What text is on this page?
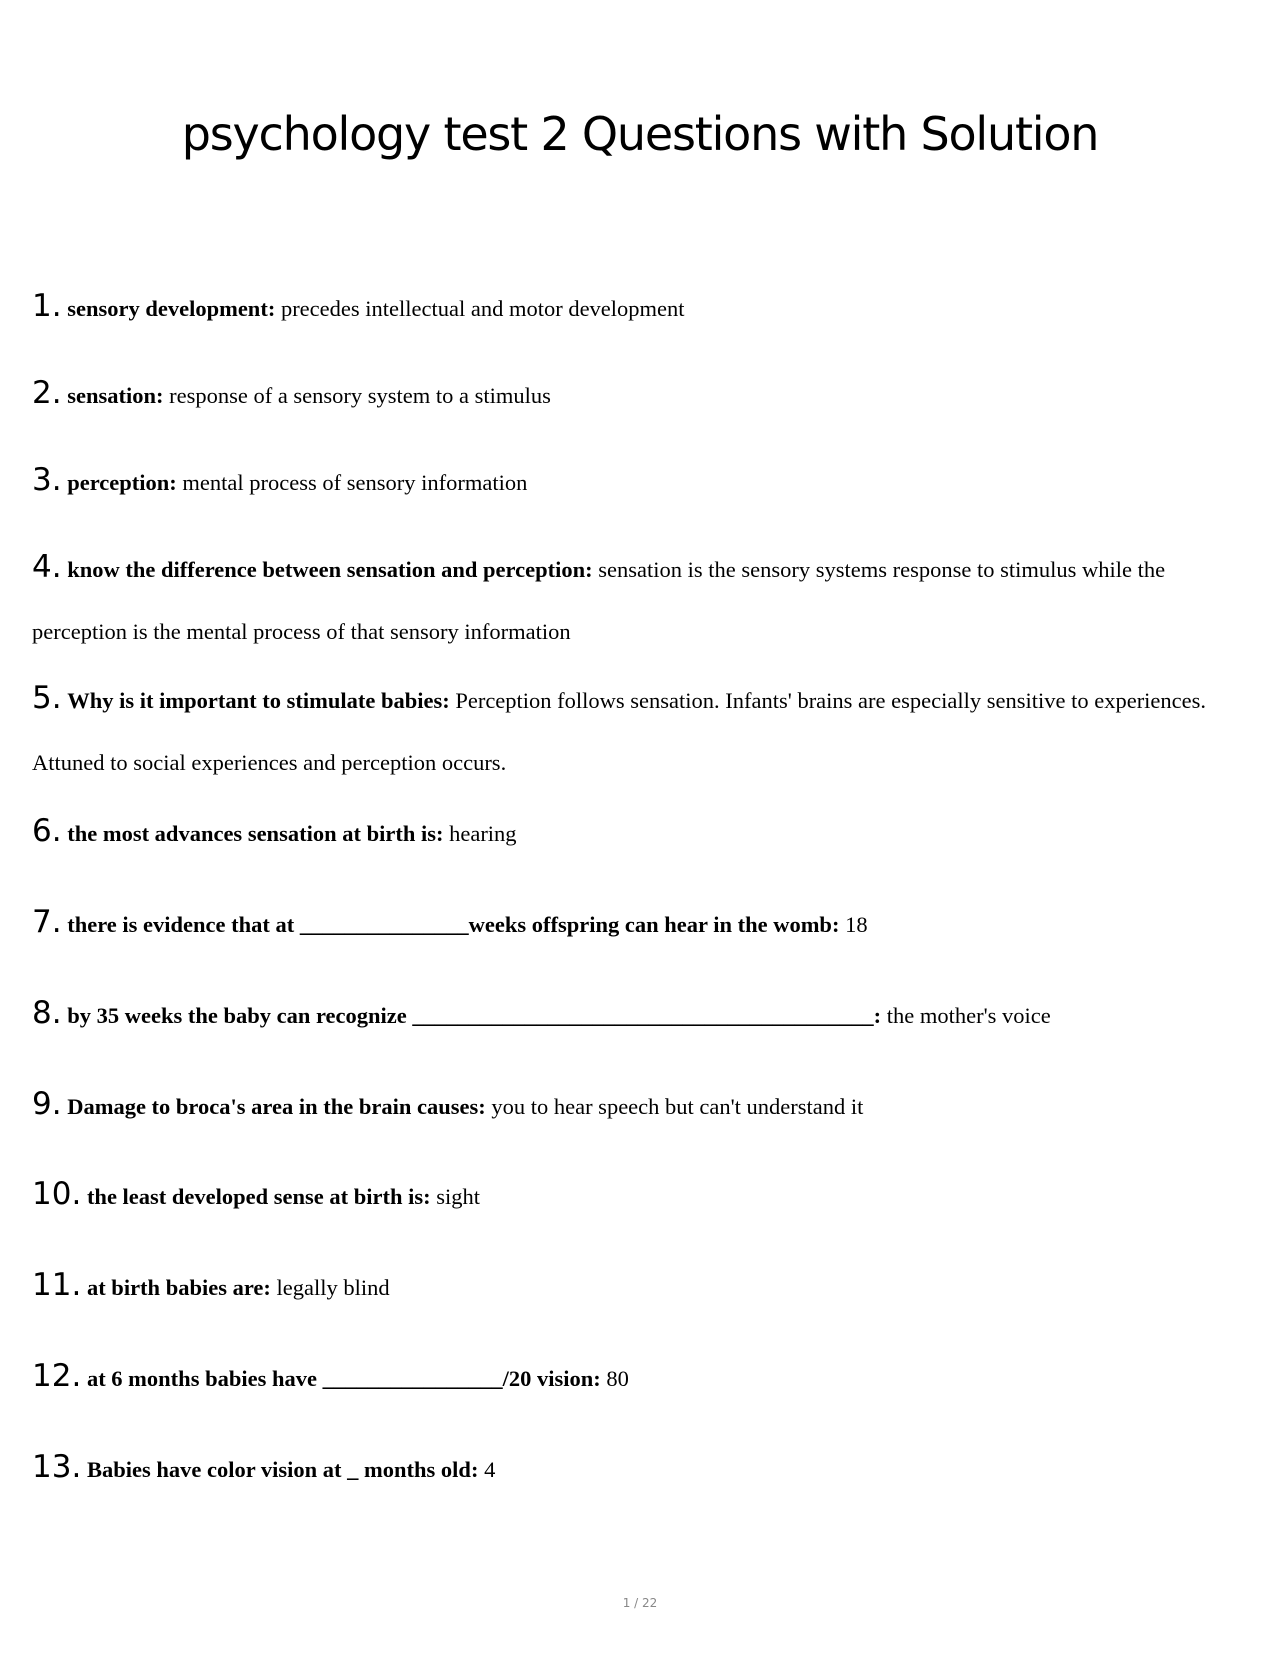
psychology test 2 Questions with Solution
1. sensory development: precedes intellectual and motor development
2. sensation: response of a sensory system to a stimulus
3. perception: mental process of sensory information
4. know the difference between sensation and perception: sensation is the sensory systems response to stimulus while the perception is the mental process of that sensory information
5. Why is it important to stimulate babies: Perception follows sensation. Infants' brains are especially sensitive to experiences. Attuned to social experiences and perception occurs.
6. the most advances sensation at birth is: hearing
7. there is evidence that at _______________weeks offspring can hear in the womb: 18
8. by 35 weeks the baby can recognize _________________________________________: the mother's voice
9. Damage to broca's area in the brain causes: you to hear speech but can't understand it
10. the least developed sense at birth is: sight
11. at birth babies are: legally blind
12. at 6 months babies have ________________/20 vision: 80
13. Babies have color vision at _ months old: 4
1 / 22
